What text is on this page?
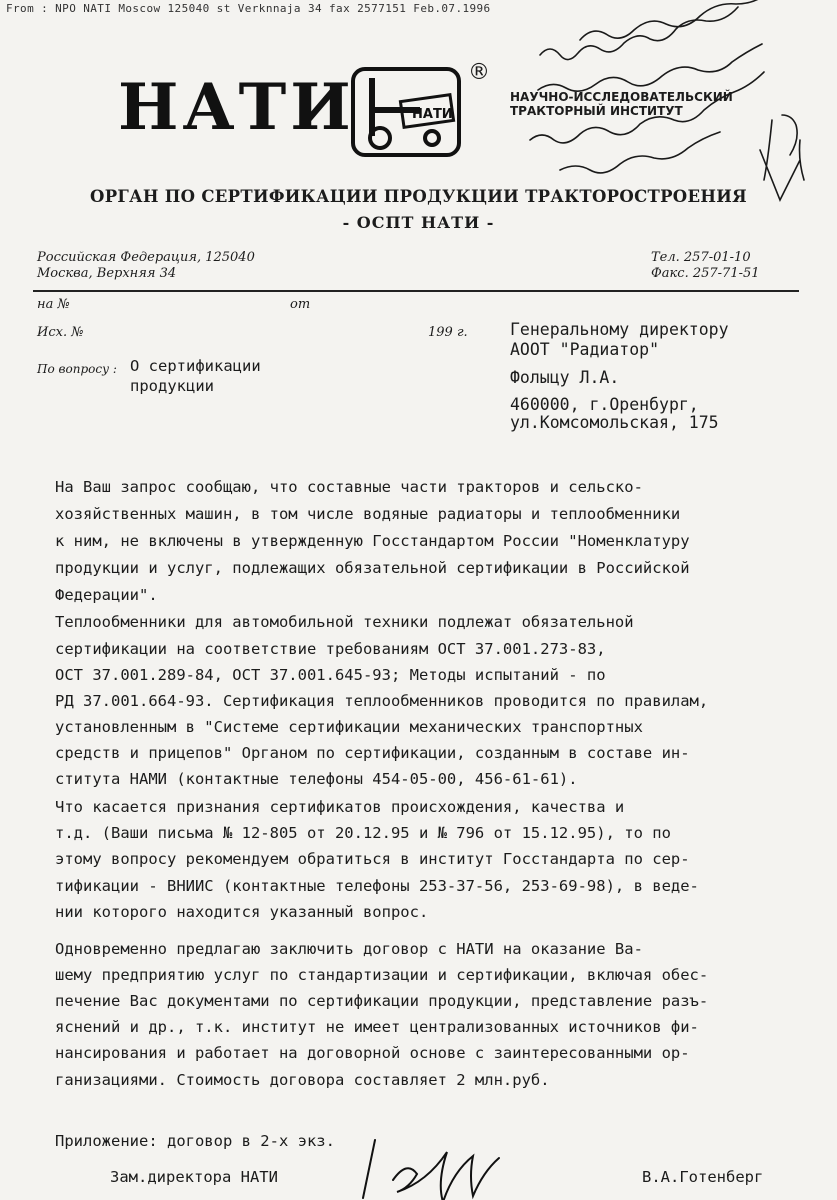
From : NPO NATI Moscow 125040 st Verknnaja 34 fax 2577151 Feb.07.1996
НАТИ	НАТИ
®
НАУЧНО-ИССЛЕДОВАТЕЛЬСКИЙ
ТРАКТОРНЫЙ ИНСТИТУТ
ОРГАН ПО СЕРТИФИКАЦИИ ПРОДУКЦИИ ТРАКТОРОСТРОЕНИЯ
- ОСПТ НАТИ -
Российская Федерация, 125040
Москва, Верхняя 34
Тел. 257-01-10
Факс. 257-71-51
на №	от
Исх. №	199 г.
По вопросу : О сертификации
продукции
Генеральному директору
АООТ "Радиатор"
Фолыцу Л.А.
460000, г.Оренбург,
ул.Комсомольская, 175
На Ваш запрос сообщаю, что составные части тракторов и сельско-
хозяйственных машин, в том числе водяные радиаторы и теплообменники
к ним, не включены в утвержденную Госстандартом России "Номенклатуру
продукции и услуг, подлежащих обязательной сертификации в Российской
Федерации".
Теплообменники для автомобильной техники подлежат обязательной
сертификации на соответствие требованиям ОСТ 37.001.273-83,
ОСТ 37.001.289-84, ОСТ 37.001.645-93; Методы испытаний - по
РД 37.001.664-93. Сертификация теплообменников проводится по правилам,
установленным в "Системе сертификации механических транспортных
средств и прицепов" Органом по сертификации, созданным в составе ин-
ститута НАМИ (контактные телефоны 454-05-00, 456-61-61).
Что касается признания сертификатов происхождения, качества и
т.д. (Ваши письма № 12-805 от 20.12.95 и № 796 от 15.12.95), то по
этому вопросу рекомендуем обратиться в институт Госстандарта по сер-
тификации - ВНИИС (контактные телефоны 253-37-56, 253-69-98), в веде-
нии которого находится указанный вопрос.
Одновременно предлагаю заключить договор с НАТИ на оказание Ва-
шему предприятию услуг по стандартизации и сертификации, включая обес-
печение Вас документами по сертификации продукции, представление разъ-
яснений и др., т.к. институт не имеет централизованных источников фи-
нансирования и работает на договорной основе с заинтересованными ор-
ганизациями. Стоимость договора составляет 2 млн.руб.
Приложение: договор в 2-х экз.
Зам.директора НАТИ	В.А.Готенберг
